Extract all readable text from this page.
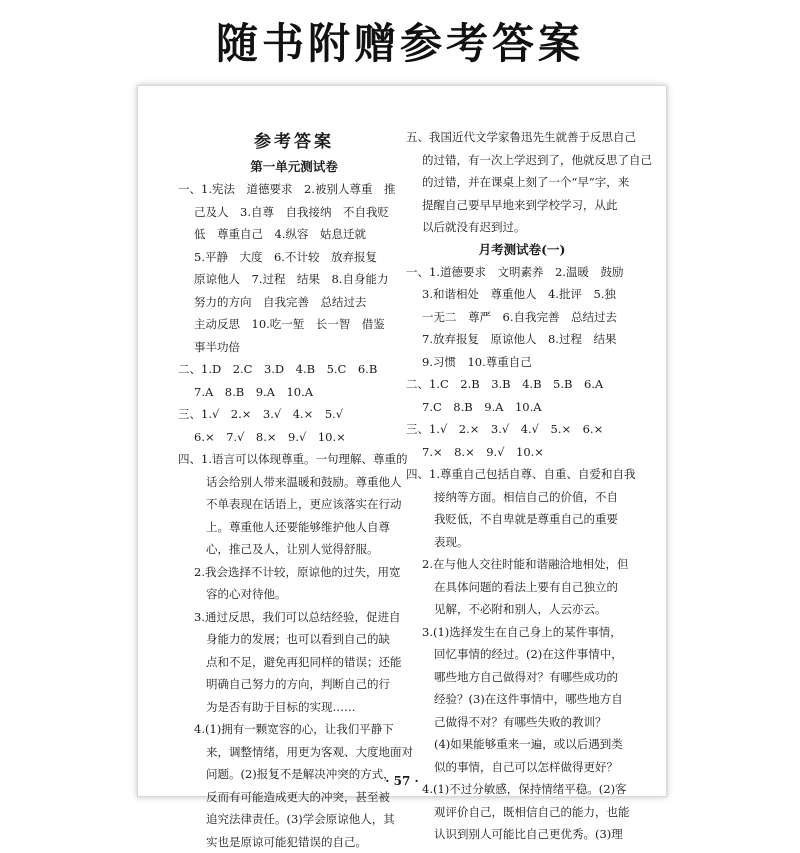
随书附赠参考答案
参考答案
第一单元测试卷
一、1.宪法　道德要求　2.被别人尊重　推
己及人　3.自尊　自我接纳　不自我贬
低　尊重自己　4.纵容　姑息迁就
5.平静　大度　6.不计较　放弃报复
原谅他人　7.过程　结果　8.自身能力
努力的方向　自我完善　总结过去
主动反思　10.吃一堑　长一智　借鉴
事半功倍
二、1.D　2.C　3.D　4.B　5.C　6.B
7.A　8.B　9.A　10.A
三、1.√　2.×　3.√　4.×　5.√
6.×　7.√　8.×　9.√　10.×
四、1.语言可以体现尊重。一句理解、尊重的
话会给别人带来温暖和鼓励。尊重他人
不单表现在话语上，更应该落实在行动
上。尊重他人还要能够维护他人自尊
心，推己及人，让别人觉得舒服。
2.我会选择不计较，原谅他的过失，用宽
容的心对待他。
3.通过反思，我们可以总结经验，促进自
身能力的发展；也可以看到自己的缺
点和不足，避免再犯同样的错误；还能
明确自己努力的方向，判断自己的行
为是否有助于目标的实现……
4.(1)拥有一颗宽容的心，让我们平静下
来，调整情绪，用更为客观、大度地面对
问题。(2)报复不是解决冲突的方式，
反而有可能造成更大的冲突，甚至被
追究法律责任。(3)学会原谅他人，其
实也是原谅可能犯错误的自己。
五、我国近代文学家鲁迅先生就善于反思自己
的过错，有一次上学迟到了，他就反思了自己
的过错，并在课桌上刻了一个“早”字，来
提醒自己要早早地来到学校学习，从此
以后就没有迟到过。
月考测试卷(一)
一、1.道德要求　文明素养　2.温暖　鼓励
3.和谐相处　尊重他人　4.批评　5.独
一无二　尊严　6.自我完善　总结过去
7.放弃报复　原谅他人　8.过程　结果
9.习惯　10.尊重自己
二、1.C　2.B　3.B　4.B　5.B　6.A
7.C　8.B　9.A　10.A
三、1.√　2.×　3.√　4.√　5.×　6.×
7.×　8.×　9.√　10.×
四、1.尊重自己包括自尊、自重、自爱和自我
接纳等方面。相信自己的价值，不自
我贬低，不自卑就是尊重自己的重要
表现。
2.在与他人交往时能和谐融洽地相处，但
在具体问题的看法上要有自己独立的
见解，不必附和别人，人云亦云。
3.(1)选择发生在自己身上的某件事情，
回忆事情的经过。(2)在这件事情中，
哪些地方自己做得对？有哪些成功的
经验？(3)在这件事情中，哪些地方自
己做得不对？有哪些失败的教训？
(4)如果能够重来一遍，或以后遇到类
似的事情，自己可以怎样做得更好？
4.(1)不过分敏感，保持情绪平稳。(2)客
观评价自己，既相信自己的能力，也能
认识到别人可能比自己更优秀。(3)理
· 57 ·
